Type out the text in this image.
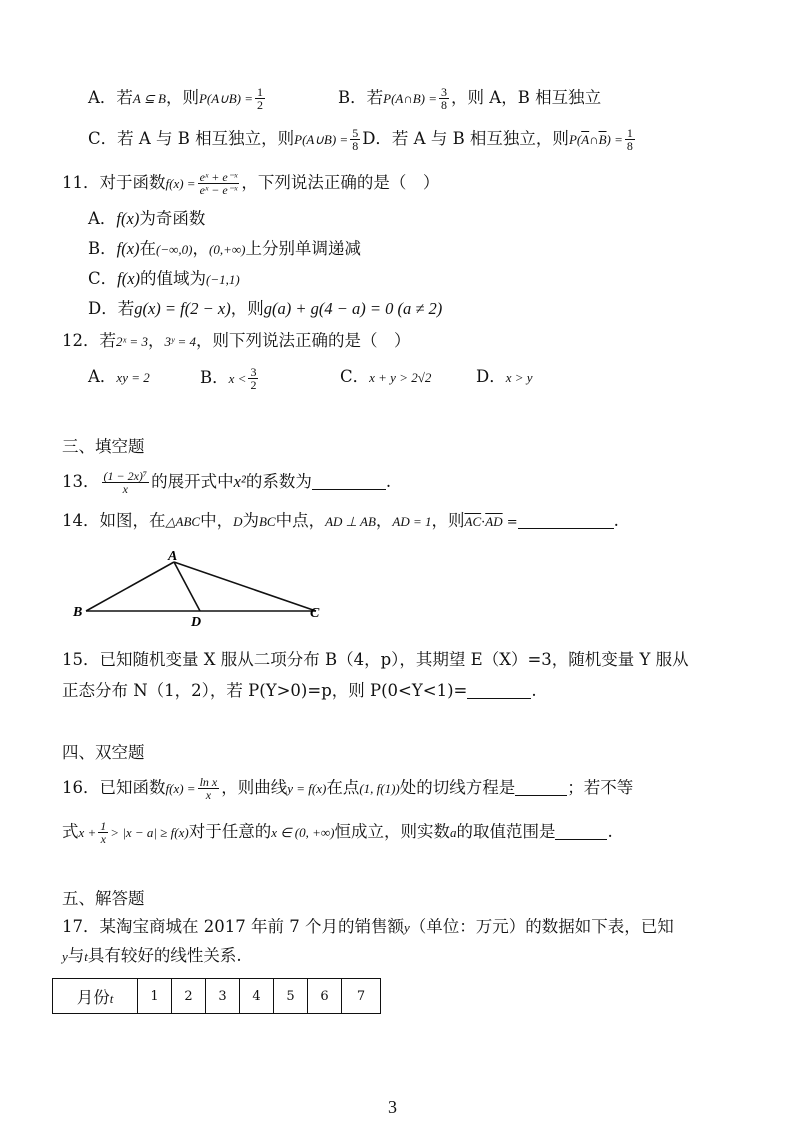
A．若A ⊆ B，则P(A∪B) = $\frac{1}{2}$	B．若P(A∩B) = $\frac{3}{8}$ ，则 A，B 相互独立
C．若 A 与 B 相互独立，则P(A∪B) = $\frac{5}{8}$ D．若 A 与 B 相互独立，则$P(\overline{A}\cap\overline{B}) = \frac{1}{8}$
11．对于函数$f(x) = \frac{\text{eˣ + e⁻ˣ}}{\text{eˣ − e⁻ˣ}}$ ，下列说法正确的是（　）
A．f(x)为奇函数
B．f(x)在(−∞,0)，(0,+∞)上分别单调递减
C．f(x)的值域为(−1,1)
D．若g(x) = f(2 − x)，则g(a) + g(4 − a) = 0 (a ≠ 2)
12．若2ˣ = 3，3ʸ = 4，则下列说法正确的是（　）
A．xy = 2	B．$x < \frac{3}{2}$	C．x + y > 2√2	D．x > y
三、填空题
13． $\frac{\text{(1 − 2x)⁷}}{x}$ 的展开式中x²的系数为	.
14．如图，在△ABC中，D为BC中点，AD ⊥ AB，AD = 1，则$\overline{AC}\cdot\overline{AD}$ =	.
A
B	C
D
15．已知随机变量 X 服从二项分布 B（4，p），其期望 E（X）=3，随机变量 Y 服从
正态分布 N（1，2），若 P(Y>0)=p，则 P(0<Y<1)=	.
四、双空题
16．已知函数$f(x) = \frac{\text{ln x}}{x}$ ，则曲线y = f(x)在点(1, f(1))处的切线方程是	；若不等
式$x + \frac{1}{x} > |x - a| \ge f(x)$对于任意的x ∈ (0, +∞)恒成立，则实数a的取值范围是	.
五、解答题
17．某淘宝商城在 2017 年前 7 个月的销售额y（单位：万元）的数据如下表，已知
y与t具有较好的线性关系.
月份t	1	2	3	4	5	6	7
3
